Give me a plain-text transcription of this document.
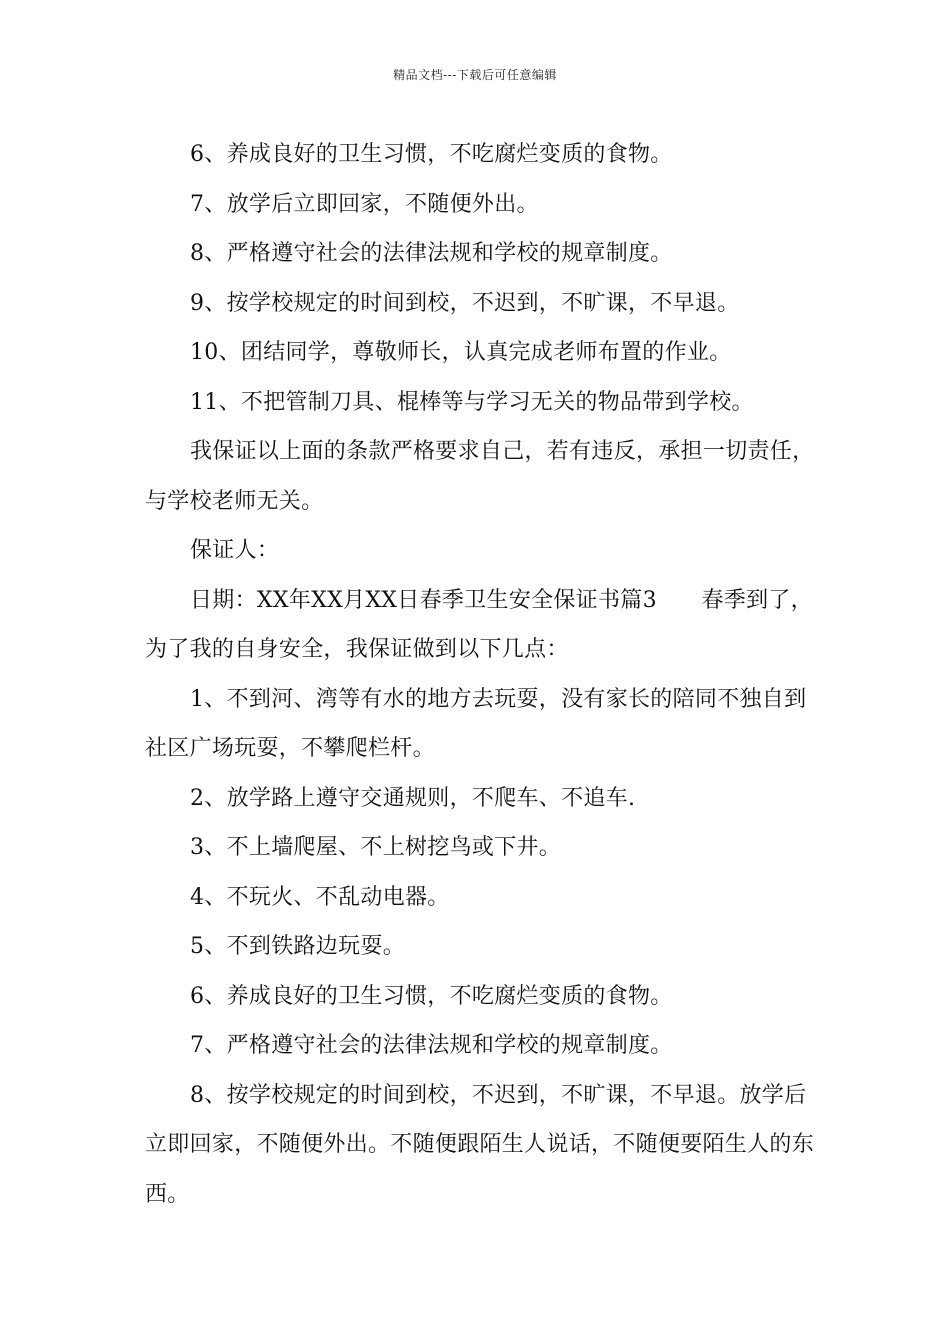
精品文档---下载后可任意编辑

6、养成良好的卫生习惯，不吃腐烂变质的食物。

7、放学后立即回家，不随便外出。

8、严格遵守社会的法律法规和学校的规章制度。

9、按学校规定的时间到校，不迟到，不旷课，不早退。

10、团结同学，尊敬师长，认真完成老师布置的作业。

11、不把管制刀具、棍棒等与学习无关的物品带到学校。

我保证以上面的条款严格要求自己，若有违反，承担一切责任，与学校老师无关。

保证人：

日期：XX年XX月XX日春季卫生安全保证书篇3　　春季到了，为了我的自身安全，我保证做到以下几点：

1、不到河、湾等有水的地方去玩耍，没有家长的陪同不独自到社区广场玩耍，不攀爬栏杆。

2、放学路上遵守交通规则，不爬车、不追车.

3、不上墙爬屋、不上树挖鸟或下井。

4、不玩火、不乱动电器。

5、不到铁路边玩耍。

6、养成良好的卫生习惯，不吃腐烂变质的食物。

7、严格遵守社会的法律法规和学校的规章制度。

8、按学校规定的时间到校，不迟到，不旷课，不早退。放学后立即回家，不随便外出。不随便跟陌生人说话，不随便要陌生人的东西。
